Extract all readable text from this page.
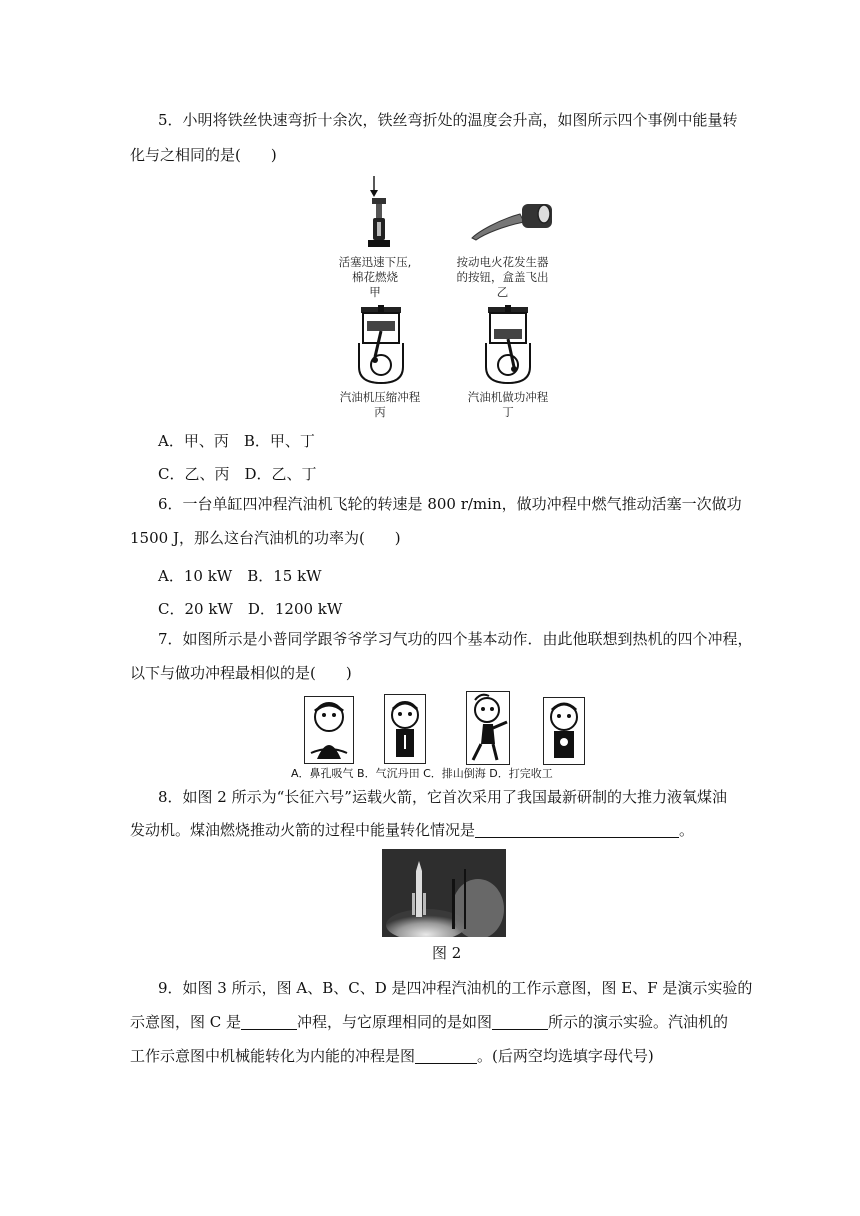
5．小明将铁丝快速弯折十余次，铁丝弯折处的温度会升高，如图所示四个事例中能量转
化与之相同的是(　　)
活塞迅速下压,
棉花燃烧
甲
按动电火花发生器
的按钮，盒盖飞出
乙
汽油机压缩冲程
丙
汽油机做功冲程
丁
A．甲、丙　B．甲、丁
C．乙、丙　D．乙、丁
6．一台单缸四冲程汽油机飞轮的转速是 800 r/min，做功冲程中燃气推动活塞一次做功
1500 J，那么这台汽油机的功率为(　　)
A．10 kW　B．15 kW
C．20 kW　D．1200 kW
7．如图所示是小普同学跟爷爷学习气功的四个基本动作．由此他联想到热机的四个冲程，
以下与做功冲程最相似的是(　　)
A．鼻孔吸气 B．气沉丹田 C．排山倒海 D．打完收工
8．如图 2 所示为“长征六号”运载火箭，它首次采用了我国最新研制的大推力液氧煤油
发动机。煤油燃烧推动火箭的过程中能量转化情况是	。
图 2
9．如图 3 所示，图 A、B、C、D 是四冲程汽油机的工作示意图，图 E、F 是演示实验的
示意图，图 C 是	冲程，与它原理相同的是如图	所示的演示实验。汽油机的
工作示意图中机械能转化为内能的冲程是图	。(后两空均选填字母代号)
